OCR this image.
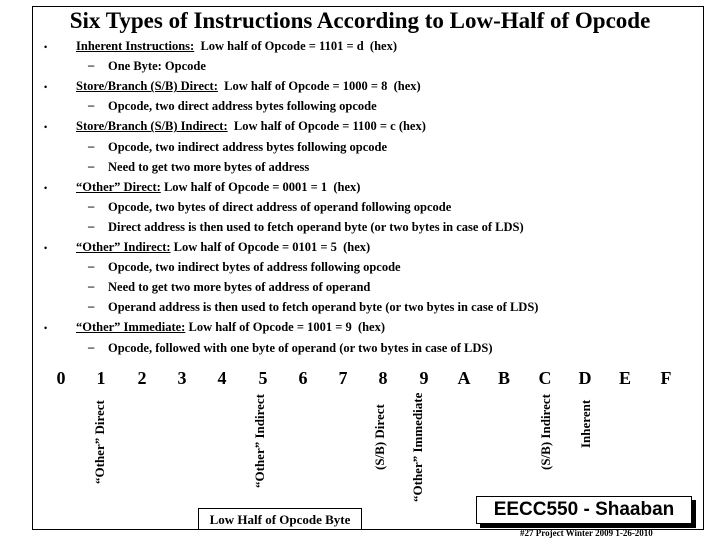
Six Types of Instructions According to Low-Half of Opcode
• Inherent Instructions:  Low half of Opcode = 1101 = d  (hex)
– One Byte: Opcode
• Store/Branch (S/B) Direct:  Low half of Opcode = 1000 = 8  (hex)
– Opcode, two direct address bytes following opcode
• Store/Branch (S/B) Indirect:  Low half of Opcode = 1100 = c (hex)
– Opcode, two indirect address bytes following opcode
– Need to get two more bytes of address
• “Other” Direct: Low half of Opcode = 0001 = 1  (hex)
– Opcode, two bytes of direct address of operand following opcode
– Direct address is then used to fetch operand byte (or two bytes in case of LDS)
• “Other” Indirect: Low half of Opcode = 0101 = 5  (hex)
– Opcode, two indirect bytes of address following opcode
– Need to get two more bytes of address of operand
– Operand address is then used to fetch operand byte (or two bytes in case of LDS)
• “Other” Immediate: Low half of Opcode = 1001 = 9  (hex)
– Opcode, followed with one byte of operand (or two bytes in case of LDS)
0	1	2	3	4	5	6	7	8	9	A	B	C	D	E	F
“Other” Direct	“Other” Indirect	(S/B) Direct “Other” Immediate	(S/B) Indirect Inherent
Low Half of Opcode Byte	EECC550 - Shaaban
#27 Project Winter 2009 1-26-2010
